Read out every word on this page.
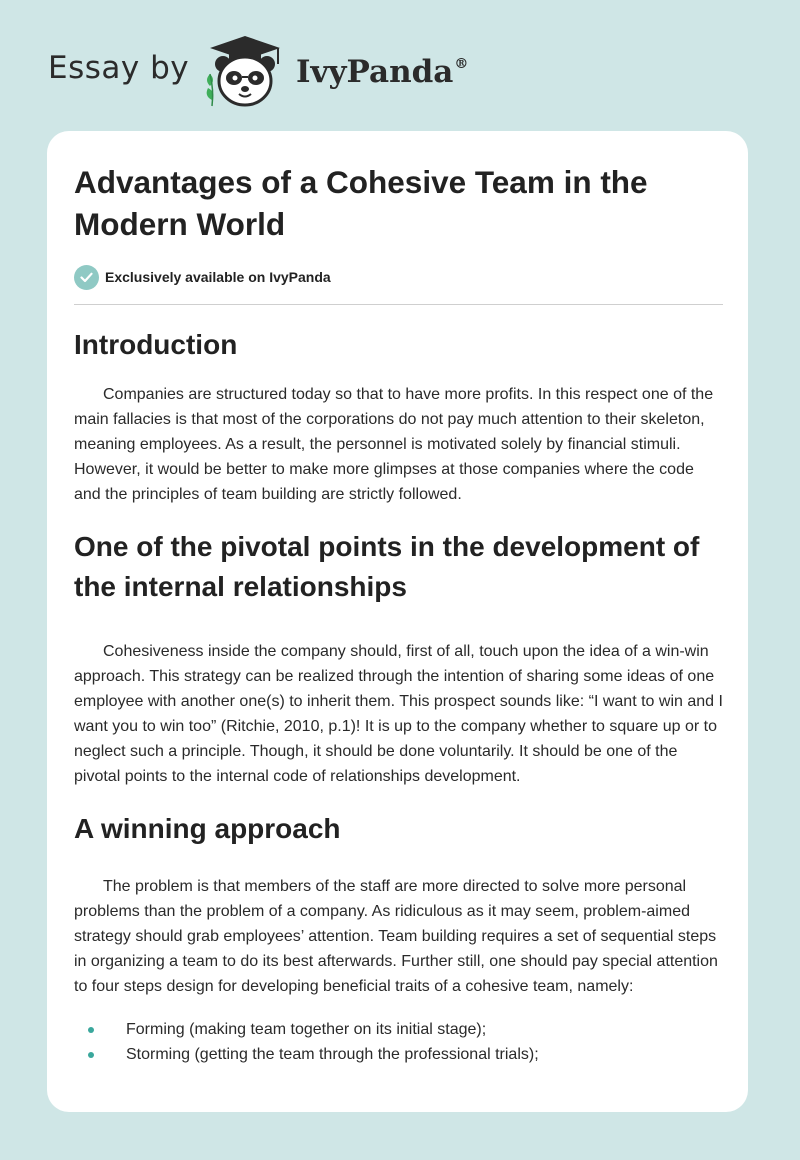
Essay by	IvyPanda®
Advantages of a Cohesive Team in the Modern World
Exclusively available on IvyPanda
Introduction

Companies are structured today so that to have more profits. In this respect one of the main fallacies is that most of the corporations do not pay much attention to their skeleton, meaning employees. As a result, the personnel is motivated solely by financial stimuli. However, it would be better to make more glimpses at those companies where the code and the principles of team building are strictly followed.

One of the pivotal points in the development of the internal relationships

Cohesiveness inside the company should, first of all, touch upon the idea of a win-win approach. This strategy can be realized through the intention of sharing some ideas of one employee with another one(s) to inherit them. This prospect sounds like: “I want to win and I want you to win too” (Ritchie, 2010, p.1)! It is up to the company whether to square up or to neglect such a principle. Though, it should be done voluntarily. It should be one of the pivotal points to the internal code of relationships development.

A winning approach

The problem is that members of the staff are more directed to solve more personal problems than the problem of a company. As ridiculous as it may seem, problem-aimed strategy should grab employees’ attention. Team building requires a set of sequential steps in organizing a team to do its best afterwards. Further still, one should pay special attention to four steps design for developing beneficial traits of a cohesive team, namely:

Forming (making team together on its initial stage);
Storming (getting the team through the professional trials);
